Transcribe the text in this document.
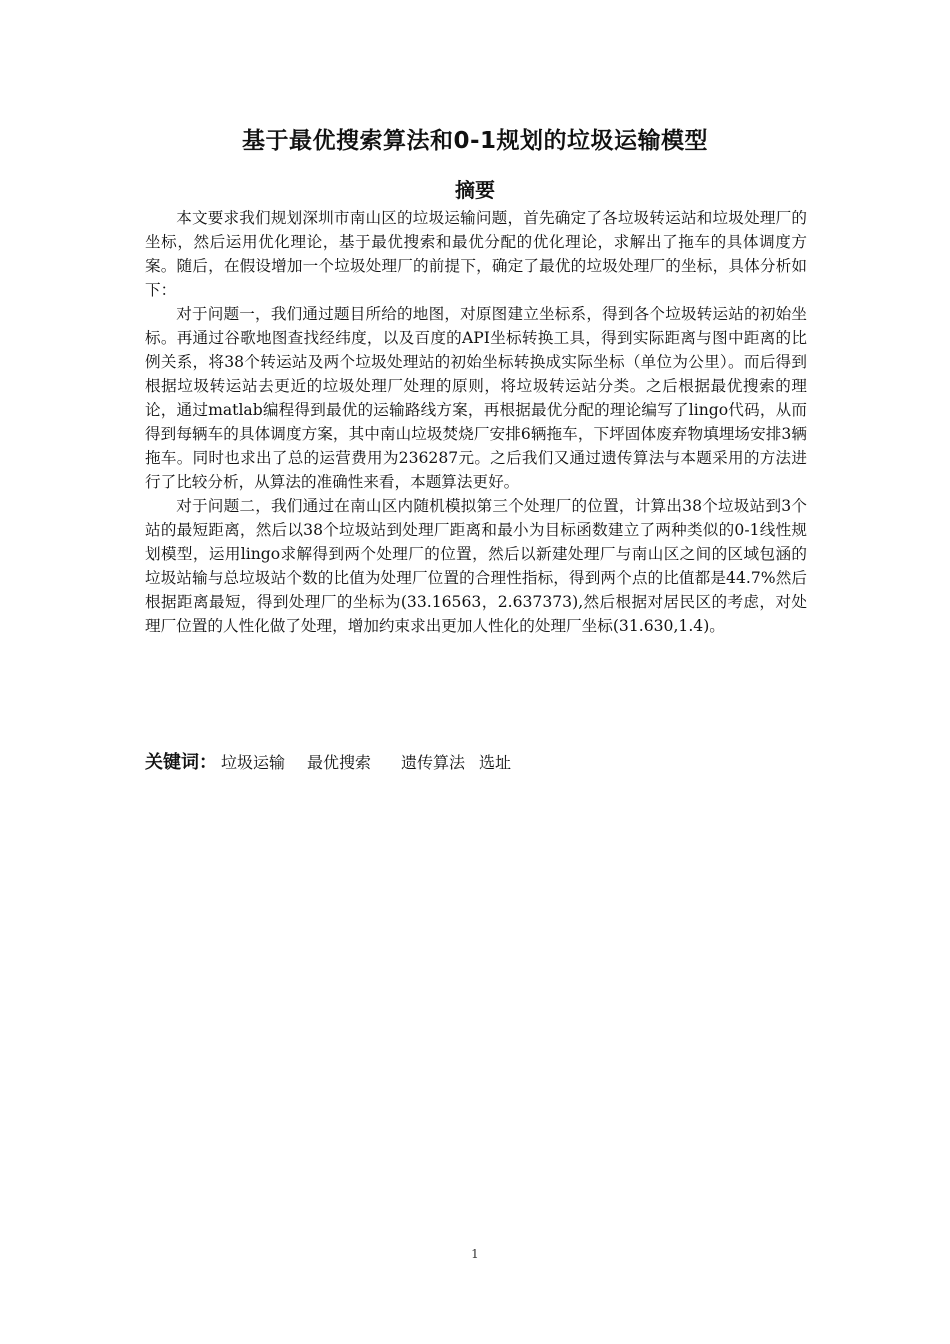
基于最优搜索算法和0-1规划的垃圾运输模型
摘要

本文要求我们规划深圳市南山区的垃圾运输问题，首先确定了各垃圾转运站和垃圾处理厂的坐标，然后运用优化理论，基于最优搜索和最优分配的优化理论，求解出了拖车的具体调度方案。随后，在假设增加一个垃圾处理厂的前提下，确定了最优的垃圾处理厂的坐标，具体分析如下：

对于问题一，我们通过题目所给的地图，对原图建立坐标系，得到各个垃圾转运站的初始坐标。再通过谷歌地图查找经纬度，以及百度的API坐标转换工具，得到实际距离与图中距离的比例关系，将38个转运站及两个垃圾处理站的初始坐标转换成实际坐标（单位为公里）。而后得到根据垃圾转运站去更近的垃圾处理厂处理的原则，将垃圾转运站分类。之后根据最优搜索的理论，通过matlab编程得到最优的运输路线方案，再根据最优分配的理论编写了lingo代码，从而得到每辆车的具体调度方案，其中南山垃圾焚烧厂安排6辆拖车，下坪固体废弃物填埋场安排3辆拖车。同时也求出了总的运营费用为236287元。之后我们又通过遗传算法与本题采用的方法进行了比较分析，从算法的准确性来看，本题算法更好。

对于问题二，我们通过在南山区内随机模拟第三个处理厂的位置，计算出38个垃圾站到3个站的最短距离，然后以38个垃圾站到处理厂距离和最小为目标函数建立了两种类似的0-1线性规划模型，运用lingo求解得到两个处理厂的位置，然后以新建处理厂与南山区之间的区域包涵的垃圾站输与总垃圾站个数的比值为处理厂位置的合理性指标，得到两个点的比值都是44.7%然后根据距离最短，得到处理厂的坐标为(33.16563，2.637373),然后根据对居民区的考虑，对处理厂位置的人性化做了处理，增加约束求出更加人性化的处理厂坐标(31.630,1.4)。

关键词： 垃圾运输 最优搜索 遗传算法 选址
1
